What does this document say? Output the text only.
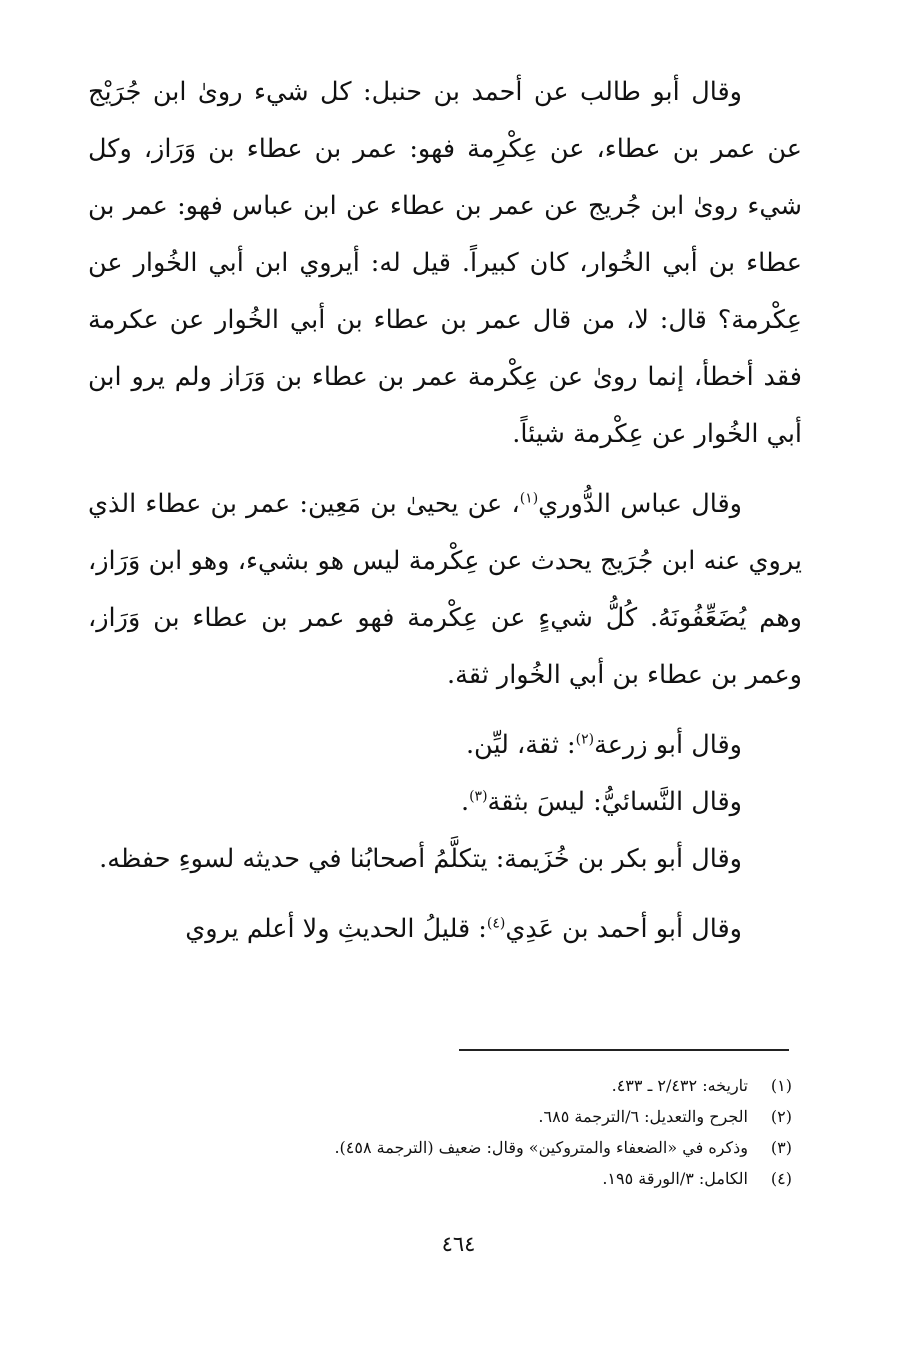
وقال أبو طالب عن أحمد بن حنبل: كل شيء روىٰ ابن جُرَيْج عن عمر بن عطاء، عن عِكْرِمة فهو: عمر بن عطاء بن وَرَاز، وكل شيء روىٰ ابن جُريج عن عمر بن عطاء عن ابن عباس فهو: عمر بن عطاء بن أبي الخُوار، كان كبيراً. قيل له: أيروي ابن أبي الخُوار عن عِكْرمة؟ قال: لا، من قال عمر بن عطاء بن أبي الخُوار عن عكرمة فقد أخطأ، إنما روىٰ عن عِكْرمة عمر بن عطاء بن وَرَاز ولم يرو ابن أبي الخُوار عن عِكْرمة شيئاً.

وقال عباس الدُّوري$^{(١)}$، عن يحيىٰ بن مَعِين: عمر بن عطاء الذي يروي عنه ابن جُرَيج يحدث عن عِكْرمة ليس هو بشيء، وهو ابن وَرَاز، وهم يُضَعِّفُونَهُ. كُلُّ شيءٍ عن عِكْرمة فهو عمر بن عطاء بن وَرَاز، وعمر بن عطاء بن أبي الخُوار ثقة.

وقال أبو زرعة$^{(٢)}$: ثقة، ليِّن.

وقال النَّسائيُّ: ليسَ بثقة$^{(٣)}$.

وقال أبو بكر بن خُزَيمة: يتكلَّمُ أصحابُنا في حديثه لسوءِ حفظه.

وقال أبو أحمد بن عَدِي$^{(٤)}$: قليلُ الحديثِ ولا أعلم يروي

(١)تاريخه: ٢/٤٣٢ ـ ٤٣٣.

(٢)الجرح والتعديل: ٦/الترجمة ٦٨٥.

(٣)وذكره في «الضعفاء والمتروكين» وقال: ضعيف (الترجمة ٤٥٨).

(٤)الكامل: ٣/الورقة ١٩٥.

٤٦٤
